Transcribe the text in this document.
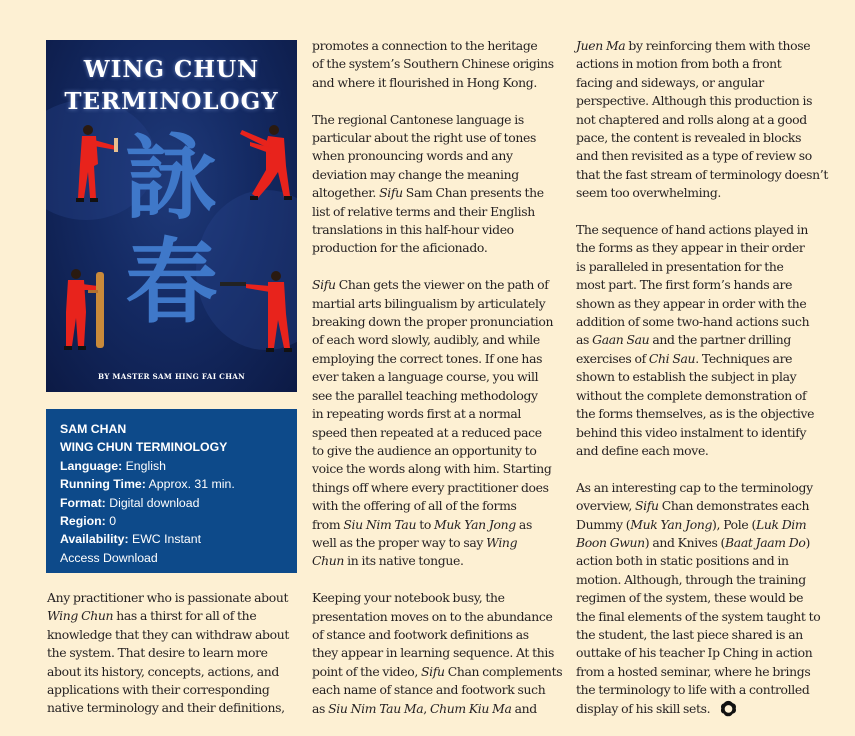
WING CHUN
TERMINOLOGY
詠
春
BY MASTER SAM HING FAI CHAN
SAM CHAN
WING CHUN TERMINOLOGY
Language: English
Running Time: Approx. 31 min.
Format: Digital download
Region: 0
Availability: EWC Instant
Access Download

Any practitioner who is passionate about
Wing Chun has a thirst for all of the
knowledge that they can withdraw about
the system. That desire to learn more
about its history, concepts, actions, and
applications with their corresponding
native terminology and their definitions,

promotes a connection to the heritage
of the system’s Southern Chinese origins
and where it flourished in Hong Kong.

The regional Cantonese language is
particular about the right use of tones
when pronouncing words and any
deviation may change the meaning
altogether. Sifu Sam Chan presents the
list of relative terms and their English
translations in this half-hour video
production for the aficionado.

Sifu Chan gets the viewer on the path of
martial arts bilingualism by articulately
breaking down the proper pronunciation
of each word slowly, audibly, and while
employing the correct tones. If one has
ever taken a language course, you will
see the parallel teaching methodology
in repeating words first at a normal
speed then repeated at a reduced pace
to give the audience an opportunity to
voice the words along with him. Starting
things off where every practitioner does
with the offering of all of the forms
from Siu Nim Tau to Muk Yan Jong as
well as the proper way to say Wing
Chun in its native tongue.

Keeping your notebook busy, the
presentation moves on to the abundance
of stance and footwork definitions as
they appear in learning sequence. At this
point of the video, Sifu Chan complements
each name of stance and footwork such
as Siu Nim Tau Ma, Chum Kiu Ma and

Juen Ma by reinforcing them with those
actions in motion from both a front
facing and sideways, or angular
perspective. Although this production is
not chaptered and rolls along at a good
pace, the content is revealed in blocks
and then revisited as a type of review so
that the fast stream of terminology doesn’t
seem too overwhelming.

The sequence of hand actions played in
the forms as they appear in their order
is paralleled in presentation for the
most part. The first form’s hands are
shown as they appear in order with the
addition of some two-hand actions such
as Gaan Sau and the partner drilling
exercises of Chi Sau. Techniques are
shown to establish the subject in play
without the complete demonstration of
the forms themselves, as is the objective
behind this video instalment to identify
and define each move.

As an interesting cap to the terminology
overview, Sifu Chan demonstrates each
Dummy (Muk Yan Jong), Pole (Luk Dim
Boon Gwun) and Knives (Baat Jaam Do)
action both in static positions and in
motion. Although, through the training
regimen of the system, these would be
the final elements of the system taught to
the student, the last piece shared is an
outtake of his teacher Ip Ching in action
from a hosted seminar, where he brings
the terminology to life with a controlled
display of his skill sets.
